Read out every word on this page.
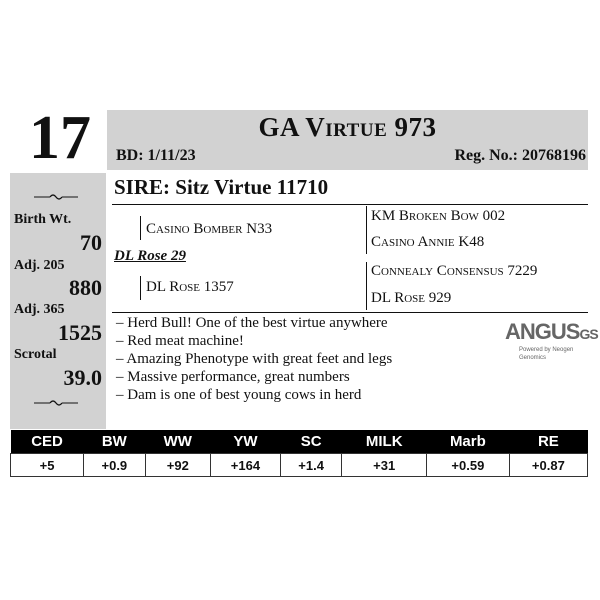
17	GA Virtue 973
BD: 1/11/23	Reg. No.: 20768196
Birth Wt.
70
Adj. 205
880
Adj. 365
1525
Scrotal
39.0
SIRE: Sitz Virtue 11710
Casino Bomber N33
DL Rose 29
DL Rose 1357
KM Broken Bow 002
Casino Annie K48
Connealy Consensus 7229
DL Rose 929
– Herd Bull! One of the best virtue anywhere
– Red meat machine!
– Amazing Phenotype with great feet and legs
– Massive performance, great numbers
– Dam is one of best young cows in herd
ANGUSGS
Powered by Neogen Genomics
CED	BW	WW	YW	SC	MILK	Marb	RE
+5	+0.9	+92	+164	+1.4	+31	+0.59	+0.87
